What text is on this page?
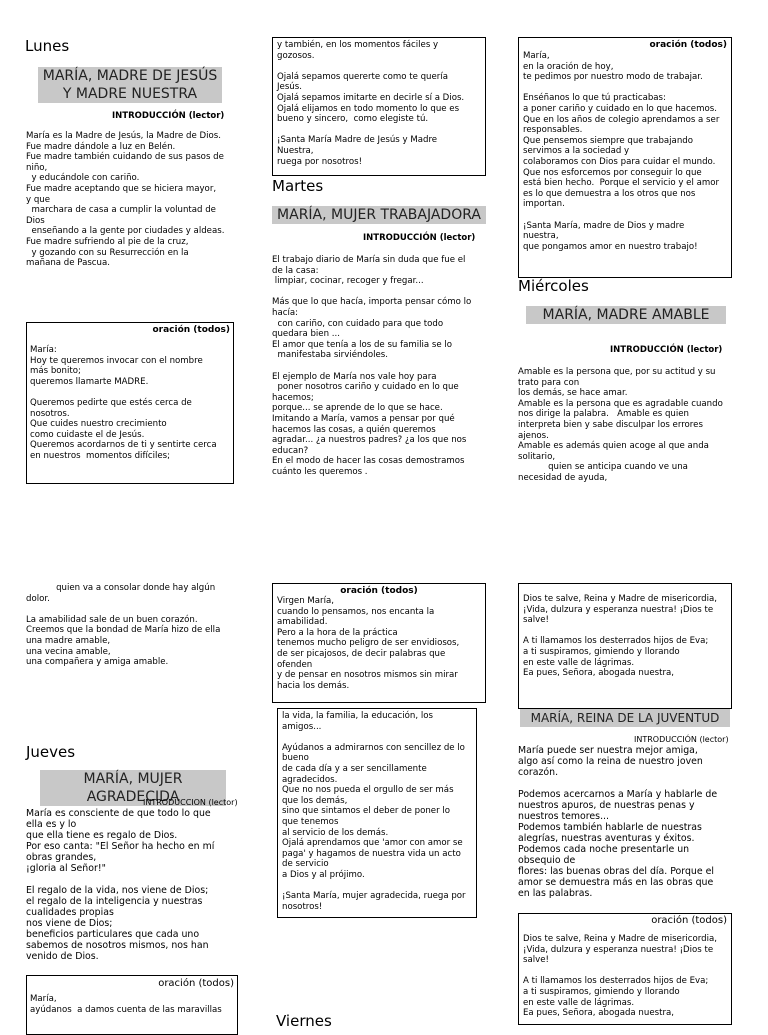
Lunes
MARÍA, MADRE DE JESÚS
Y MADRE NUESTRA
INTRODUCCIÓN (lector)

María es la Madre de Jesús, la Madre de Dios.
Fue madre dándole a luz en Belén.
Fue madre también cuidando de sus pasos de
niño,
y educándole con cariño.
Fue madre aceptando que se hiciera mayor,
y que
marchara de casa a cumplir la voluntad de
Dios
enseñando a la gente por ciudades y aldeas.
Fue madre sufriendo al pie de la cruz,
y gozando con su Resurrección en la
mañana de Pascua.

oración (todos)

María:
Hoy te queremos invocar con el nombre
más bonito;
queremos llamarte MADRE.

Queremos pedirte que estés cerca de
nosotros.
Que cuides nuestro crecimiento
como cuidaste el de Jesús.
Queremos acordarnos de ti y sentirte cerca
en nuestros  momentos difíciles;

y también, en los momentos fáciles y
gozosos.

Ojalá sepamos quererte como te quería
Jesús.
Ojalá sepamos imitarte en decirle sí a Dios.
Ojalá elijamos en todo momento lo que es
bueno y sincero,  como elegiste tú.

¡Santa María Madre de Jesús y Madre
Nuestra,
ruega por nosotros!

Martes
MARÍA, MUJER TRABAJADORA
INTRODUCCIÓN (lector)

El trabajo diario de María sin duda que fue el
de la casa:
limpiar, cocinar, recoger y fregar...

Más que lo que hacía, importa pensar cómo lo
hacía:
con cariño, con cuidado para que todo
quedara bien ...
El amor que tenía a los de su familia se lo
manifestaba sirviéndoles.

El ejemplo de María nos vale hoy para
poner nosotros cariño y cuidado en lo que
hacemos;
porque... se aprende de lo que se hace.
Imitando a María, vamos a pensar por qué
hacemos las cosas, a quién queremos
agradar... ¿a nuestros padres? ¿a los que nos
educan?
En el modo de hacer las cosas demostramos
cuánto les queremos .

oración (todos)

María,
en la oración de hoy,
te pedimos por nuestro modo de trabajar.

Enséñanos lo que tú practicabas:
a poner cariño y cuidado en lo que hacemos.
Que en los años de colegio aprendamos a ser
responsables.
Que pensemos siempre que trabajando
servimos a la sociedad y
colaboramos con Dios para cuidar el mundo.
Que nos esforcemos por conseguir lo que
está bien hecho.  Porque el servicio y el amor
es lo que demuestra a los otros que nos
importan.

¡Santa María, madre de Dios y madre
nuestra,
que pongamos amor en nuestro trabajo!

Miércoles
MARÍA, MADRE AMABLE
INTRODUCCIÓN (lector)

Amable es la persona que, por su actitud y su
trato para con
los demás, se hace amar.
Amable es la persona que es agradable cuando
nos dirige la palabra.   Amable es quien
interpreta bien y sabe disculpar los errores
ajenos.
Amable es además quien acoge al que anda
solitario,
quien se anticipa cuando ve una
necesidad de ayuda,

quien va a consolar donde hay algún
dolor.

La amabilidad sale de un buen corazón.
Creemos que la bondad de María hizo de ella
una madre amable,
una vecina amable,
una compañera y amiga amable.

Jueves
MARÍA, MUJER AGRADECIDA
INTRODUCCION (lector)

María es consciente de que todo lo que
ella es y lo
que ella tiene es regalo de Dios.
Por eso canta: "El Señor ha hecho en mí
obras grandes,
¡gloria al Señor!"

El regalo de la vida, nos viene de Dios;
el regalo de la inteligencia y nuestras
cualidades propias
nos viene de Dios;
beneficios particulares que cada uno
sabemos de nosotros mismos, nos han
venido de Dios.

oración (todos)

María,
ayúdanos  a damos cuenta de las maravillas

oración (todos)

Virgen María,
cuando lo pensamos, nos encanta la
amabilidad.
Pero a la hora de la práctica
tenemos mucho peligro de ser envidiosos,
de ser picajosos, de decir palabras que
ofenden
y de pensar en nosotros mismos sin mirar
hacia los demás.

la vida, la familia, la educación, los
amigos...

Ayúdanos a admirarnos con sencillez de lo
bueno
de cada día y a ser sencillamente
agradecidos.
Que no nos pueda el orgullo de ser más
que los demás,
sino que sintamos el deber de poner lo
que tenemos
al servicio de los demás.
Ojalá aprendamos que 'amor con amor se
paga' y hagamos de nuestra vida un acto
de servicio
a Dios y al prójimo.

¡Santa María, mujer agradecida, ruega por
nosotros!

Viernes

Dios te salve, Reina y Madre de misericordia,
¡Vida, dulzura y esperanza nuestra! ¡Dios te
salve!

A ti llamamos los desterrados hijos de Eva;
a ti suspiramos, gimiendo y llorando
en este valle de lágrimas.
Ea pues, Señora, abogada nuestra,

MARÍA, REINA DE LA JUVENTUD
INTRODUCCIÓN (lector)

María puede ser nuestra mejor amiga,
algo así como la reina de nuestro joven
corazón.

Podemos acercarnos a María y hablarle de
nuestros apuros, de nuestras penas y
nuestros temores...
Podemos también hablarle de nuestras
alegrías, nuestras aventuras y éxitos.
Podemos cada noche presentarle un
obsequio de
flores: las buenas obras del día. Porque el
amor se demuestra más en las obras que
en las palabras.

oración (todos)

Dios te salve, Reina y Madre de misericordia,
¡Vida, dulzura y esperanza nuestra! ¡Dios te
salve!

A ti llamamos los desterrados hijos de Eva;
a ti suspiramos, gimiendo y llorando
en este valle de lágrimas.
Ea pues, Señora, abogada nuestra,
